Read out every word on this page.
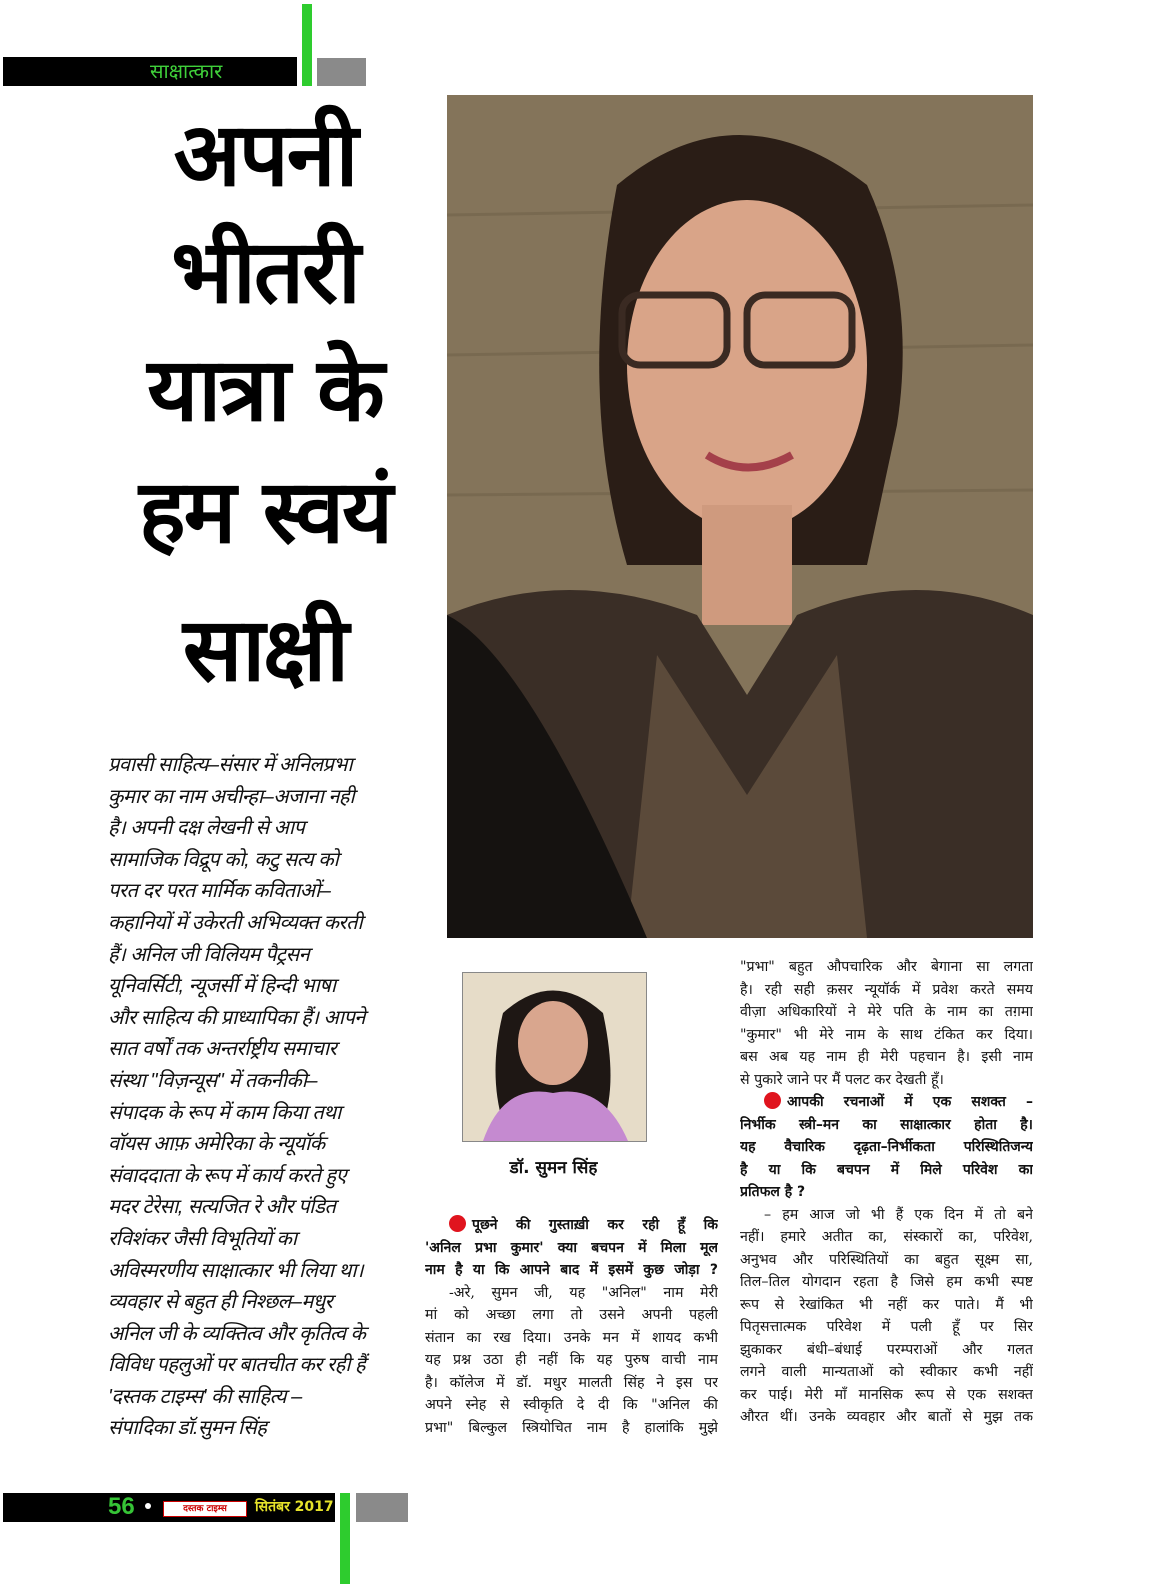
साक्षात्कार
अपनी
भीतरी
यात्रा के
हम स्वयं
साक्षी
प्रवासी साहित्य–संसार में अनिलप्रभा
कुमार का नाम अचीन्हा–अजाना नही
है। अपनी दक्ष लेखनी से आप
सामाजिक विद्रूप को, कटु सत्य को
परत दर परत मार्मिक कविताओं–
कहानियों में उकेरती अभिव्यक्त करती
हैं। अनिल जी विलियम पैट्रसन
यूनिवर्सिटी, न्यूजर्सी में हिन्दी भाषा
और साहित्य की प्राध्यापिका हैं। आपने
सात वर्षों तक अन्तर्राष्ट्रीय समाचार
संस्था "विज़न्यूस" में तकनीकी–
संपादक के रूप में काम किया तथा
वॉयस आफ़ अमेरिका के न्यूयॉर्क
संवाददाता के रूप में कार्य करते हुए
मदर टेरेसा, सत्यजित रे और पंडित
रविशंकर जैसी विभूतियों का
अविस्मरणीय साक्षात्कार भी लिया था।
व्यवहार से बहुत ही निश्छल–मधुर
अनिल जी के व्यक्तित्व और कृतित्व के
विविध पहलुओं पर बातचीत कर रही हैं
'दस्तक टाइम्स' की साहित्य –
संपादिका डॉ.सुमन सिंह
डॉ. सुमन सिंह
पूछने की गुस्ताख़ी कर रही हूँ कि
'अनिल प्रभा कुमार' क्या बचपन में मिला मूल
नाम है या कि आपने बाद में इसमें कुछ जोड़ा ?
-अरे, सुमन जी, यह "अनिल" नाम मेरी
मां को अच्छा लगा तो उसने अपनी पहली
संतान का रख दिया। उनके मन में शायद कभी
यह प्रश्न उठा ही नहीं कि यह पुरुष वाची नाम
है। कॉलेज में डॉ. मधुर मालती सिंह ने इस पर
अपने स्नेह से स्वीकृति दे दी कि "अनिल की
प्रभा" बिल्कुल स्त्रियोचित नाम है हालांकि मुझे
"प्रभा" बहुत औपचारिक और बेगाना सा लगता
है। रही सही क़सर न्यूयॉर्क में प्रवेश करते समय
वीज़ा अधिकारियों ने मेरे पति के नाम का तग़मा
"कुमार" भी मेरे नाम के साथ टंकित कर दिया।
बस अब यह नाम ही मेरी पहचान है। इसी नाम
से पुकारे जाने पर मैं पलट कर देखती हूँ।
आपकी रचनाओं में एक सशक्त –
निर्भीक स्त्री–मन का साक्षात्कार होता है।
यह वैचारिक दृढ़ता–निर्भीकता परिस्थितिजन्य
है या कि बचपन में मिले परिवेश का
प्रतिफल है ?
– हम आज जो भी हैं एक दिन में तो बने
नहीं। हमारे अतीत का, संस्कारों का, परिवेश,
अनुभव और परिस्थितियों का बहुत सूक्ष्म सा,
तिल–तिल योगदान रहता है जिसे हम कभी स्पष्ट
रूप से रेखांकित भी नहीं कर पाते। मैं भी
पितृसत्तात्मक परिवेश में पली हूँ पर सिर
झुकाकर बंधी–बंधाई परम्पराओं और गलत
लगने वाली मान्यताओं को स्वीकार कभी नहीं
कर पाई। मेरी माँ मानसिक रूप से एक सशक्त
औरत थीं। उनके व्यवहार और बातों से मुझ तक
56	दस्तक टाइम्स	सितंबर 2017
